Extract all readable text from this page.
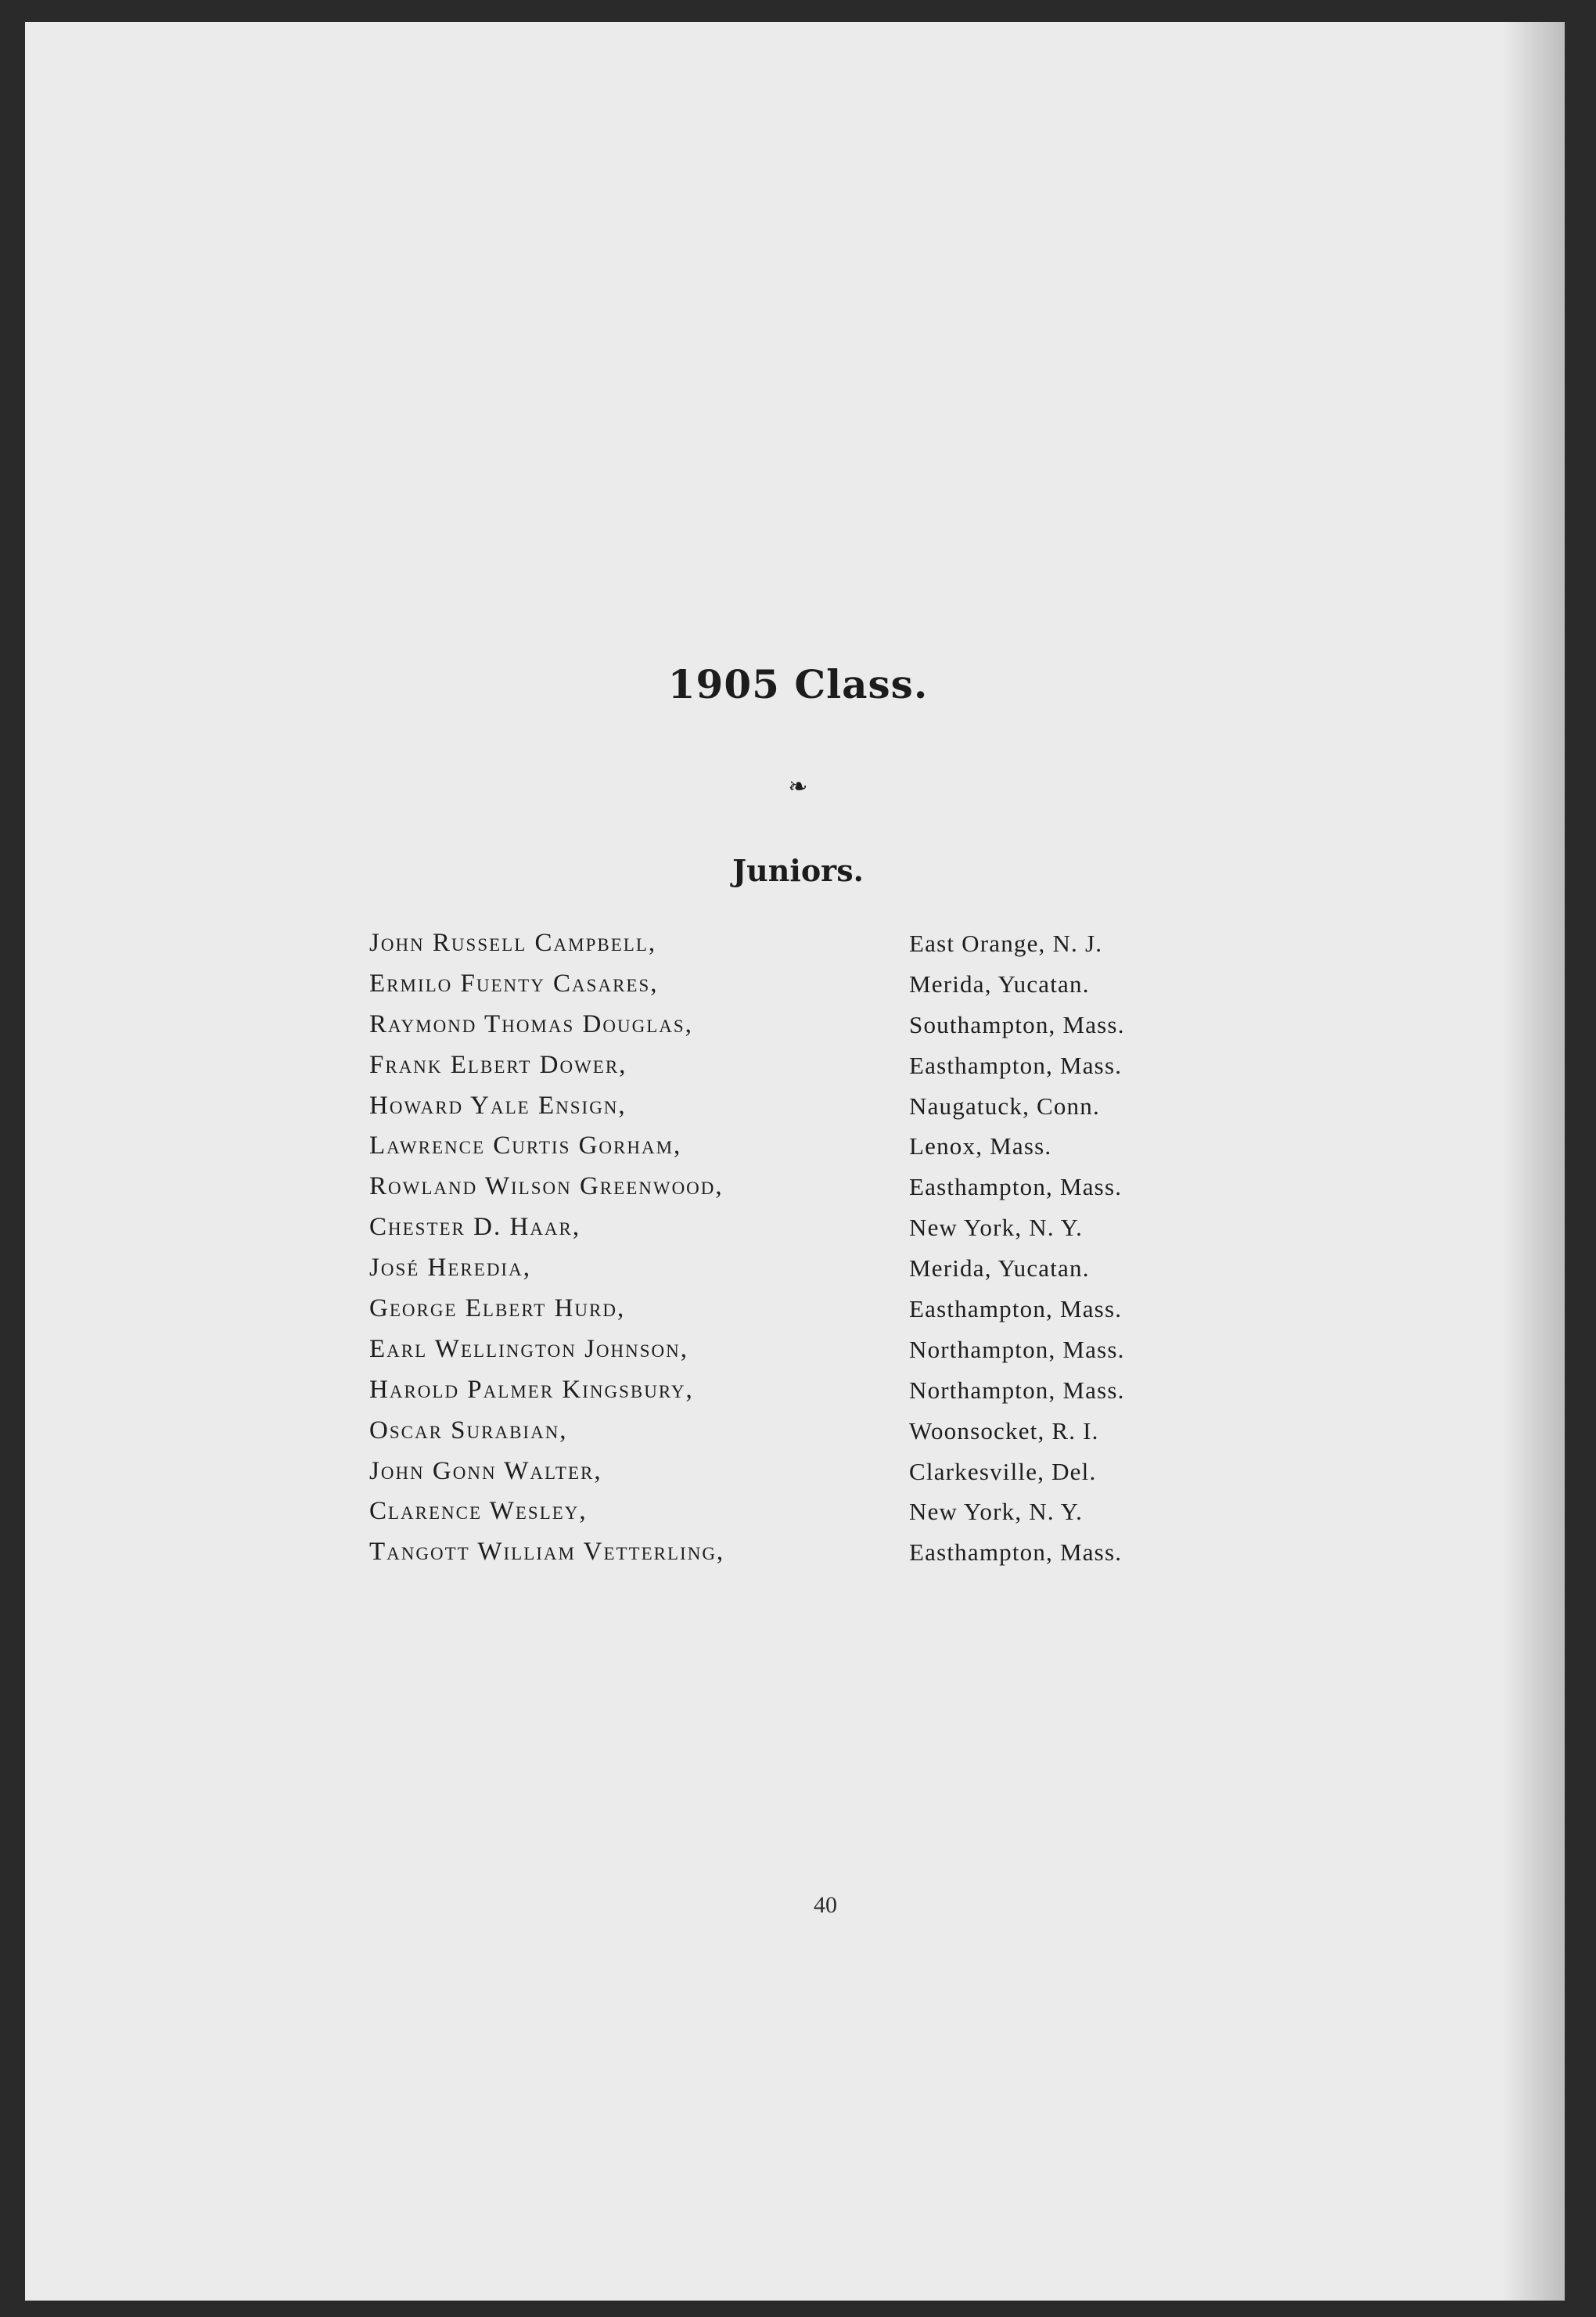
1905 Class.
❧
Juniors.
John Russell Campbell,	East Orange, N. J.
Ermilo Fuenty Casares,	Merida, Yucatan.
Raymond Thomas Douglas,	Southampton, Mass.
Frank Elbert Dower,	Easthampton, Mass.
Howard Yale Ensign,	Naugatuck, Conn.
Lawrence Curtis Gorham,	Lenox, Mass.
Rowland Wilson Greenwood,	Easthampton, Mass.
Chester D. Haar,	New York, N. Y.
José Heredia,	Merida, Yucatan.
George Elbert Hurd,	Easthampton, Mass.
Earl Wellington Johnson,	Northampton, Mass.
Harold Palmer Kingsbury,	Northampton, Mass.
Oscar Surabian,	Woonsocket, R. I.
John Gonn Walter,	Clarkesville, Del.
Clarence Wesley,	New York, N. Y.
Tangott William Vetterling,	Easthampton, Mass.
40
